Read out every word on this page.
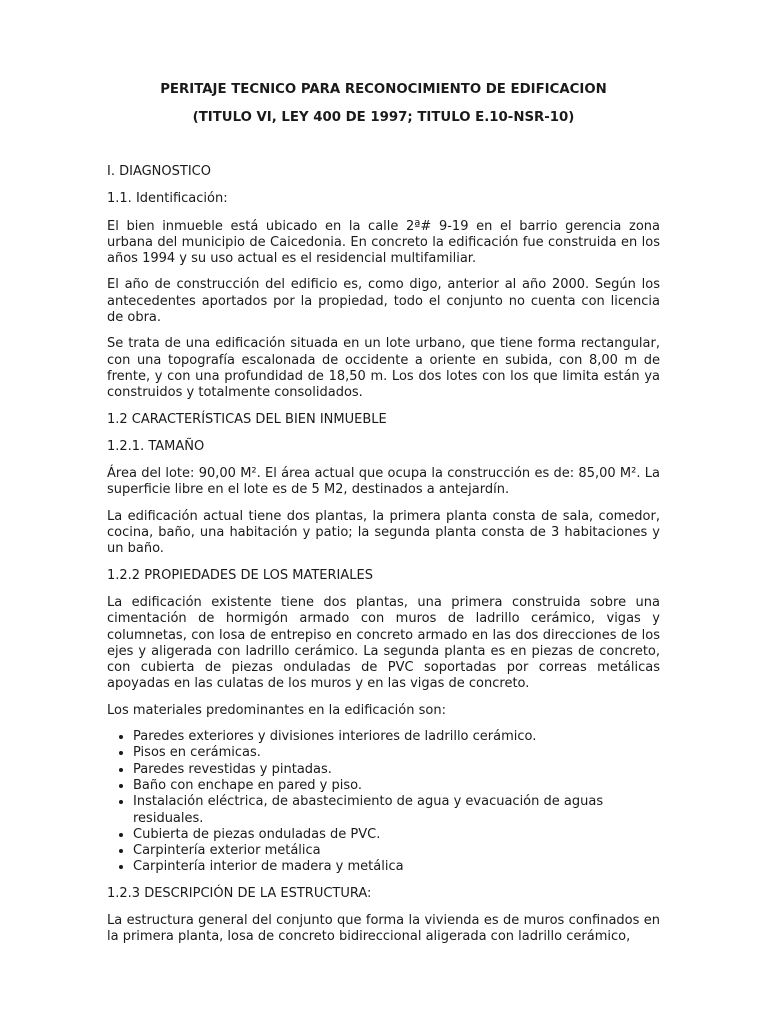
PERITAJE TECNICO PARA RECONOCIMIENTO DE EDIFICACION
(TITULO VI, LEY 400 DE 1997; TITULO E.10-NSR-10)

I. DIAGNOSTICO

1.1. Identificación:

El bien inmueble está ubicado en la calle 2ª# 9-19 en el barrio gerencia zona urbana del municipio de Caicedonia. En concreto la edificación fue construida en los años 1994 y su uso actual es el residencial multifamiliar.

El año de construcción del edificio es, como digo, anterior al año 2000. Según los antecedentes aportados por la propiedad, todo el conjunto no cuenta con licencia de obra.

Se trata de una edificación situada en un lote urbano, que tiene forma rectangular, con una topografía escalonada de occidente a oriente en subida, con 8,00 m de frente, y con una profundidad de 18,50 m. Los dos lotes con los que limita están ya construidos y totalmente consolidados.

1.2 CARACTERÍSTICAS DEL BIEN INMUEBLE

1.2.1. TAMAÑO

Área del lote: 90,00 M². El área actual que ocupa la construcción es de: 85,00 M². La superficie libre en el lote es de 5 M2, destinados a antejardín.

La edificación actual tiene dos plantas, la primera planta consta de sala, comedor, cocina, baño, una habitación y patio; la segunda planta consta de 3 habitaciones y un baño.

1.2.2 PROPIEDADES DE LOS MATERIALES

La edificación existente tiene dos plantas, una primera construida sobre una cimentación de hormigón armado con muros de ladrillo cerámico, vigas y columnetas, con losa de entrepiso en concreto armado en las dos direcciones de los ejes y aligerada con ladrillo cerámico. La segunda planta es en piezas de concreto, con cubierta de piezas onduladas de PVC soportadas por correas metálicas apoyadas en las culatas de los muros y en las vigas de concreto.

Los materiales predominantes en la edificación son:

• Paredes exteriores y divisiones interiores de ladrillo cerámico.
• Pisos en cerámicas.
• Paredes revestidas y pintadas.
• Baño con enchape en pared y piso.
• Instalación eléctrica, de abastecimiento de agua y evacuación de aguas residuales.
• Cubierta de piezas onduladas de PVC.
• Carpintería exterior metálica
• Carpintería interior de madera y metálica

1.2.3 DESCRIPCIÓN DE LA ESTRUCTURA:

La estructura general del conjunto que forma la vivienda es de muros confinados en la primera planta, losa de concreto bidireccional aligerada con ladrillo cerámico,
